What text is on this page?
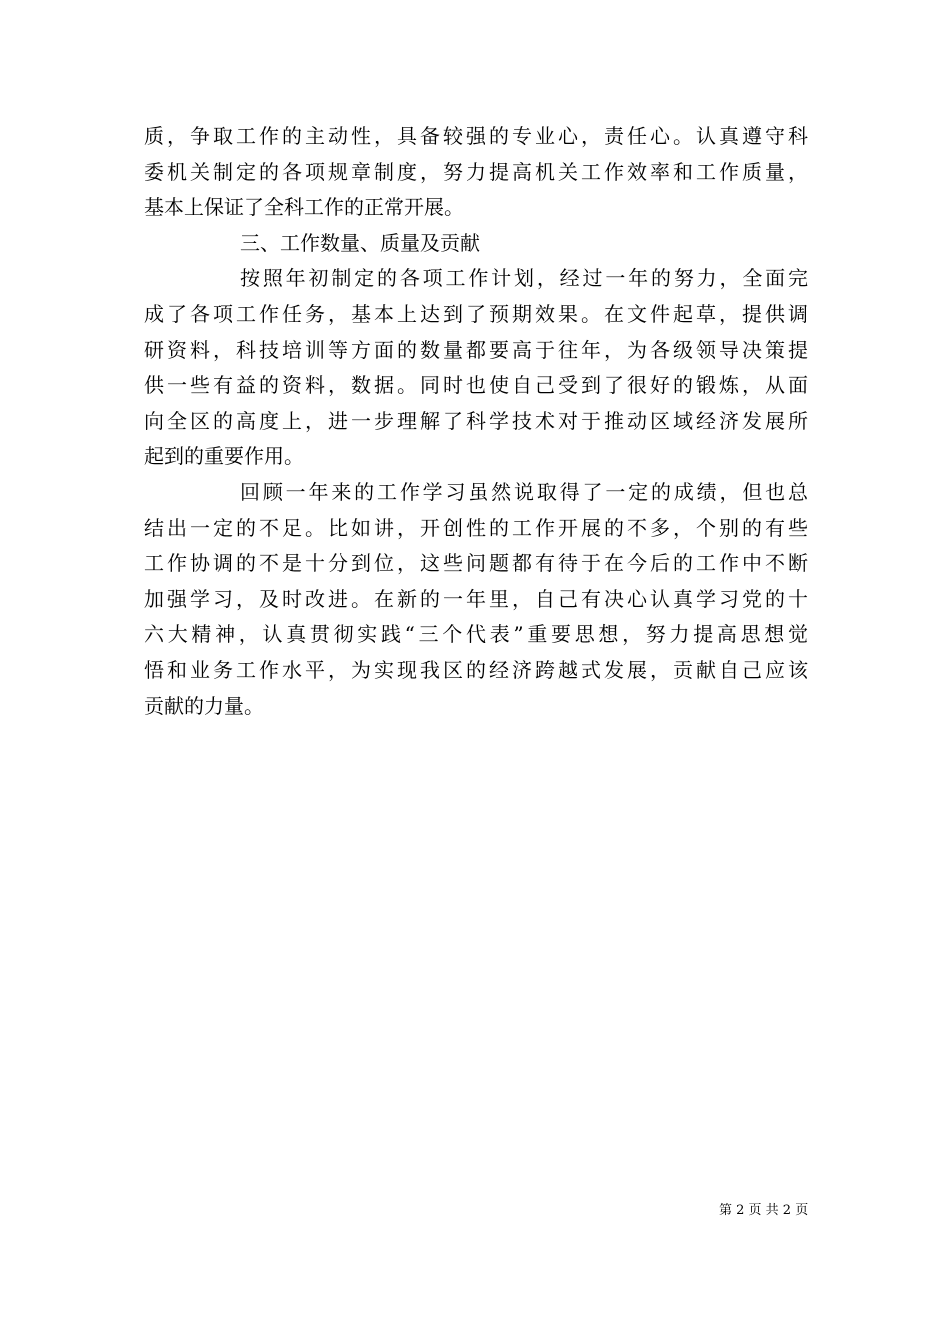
质，争取工作的主动性，具备较强的专业心，责任心。认真遵守科
委机关制定的各项规章制度，努力提高机关工作效率和工作质量，
基本上保证了全科工作的正常开展。
三、工作数量、质量及贡献
按照年初制定的各项工作计划，经过一年的努力，全面完
成了各项工作任务，基本上达到了预期效果。在文件起草，提供调
研资料，科技培训等方面的数量都要高于往年，为各级领导决策提
供一些有益的资料，数据。同时也使自己受到了很好的锻炼，从面
向全区的高度上，进一步理解了科学技术对于推动区域经济发展所
起到的重要作用。
回顾一年来的工作学习虽然说取得了一定的成绩，但也总
结出一定的不足。比如讲，开创性的工作开展的不多，个别的有些
工作协调的不是十分到位，这些问题都有待于在今后的工作中不断
加强学习，及时改进。在新的一年里，自己有决心认真学习党的十
六大精神，认真贯彻实践“三个代表”重要思想，努力提高思想觉
悟和业务工作水平，为实现我区的经济跨越式发展，贡献自己应该
贡献的力量。
第 2 页 共 2 页
